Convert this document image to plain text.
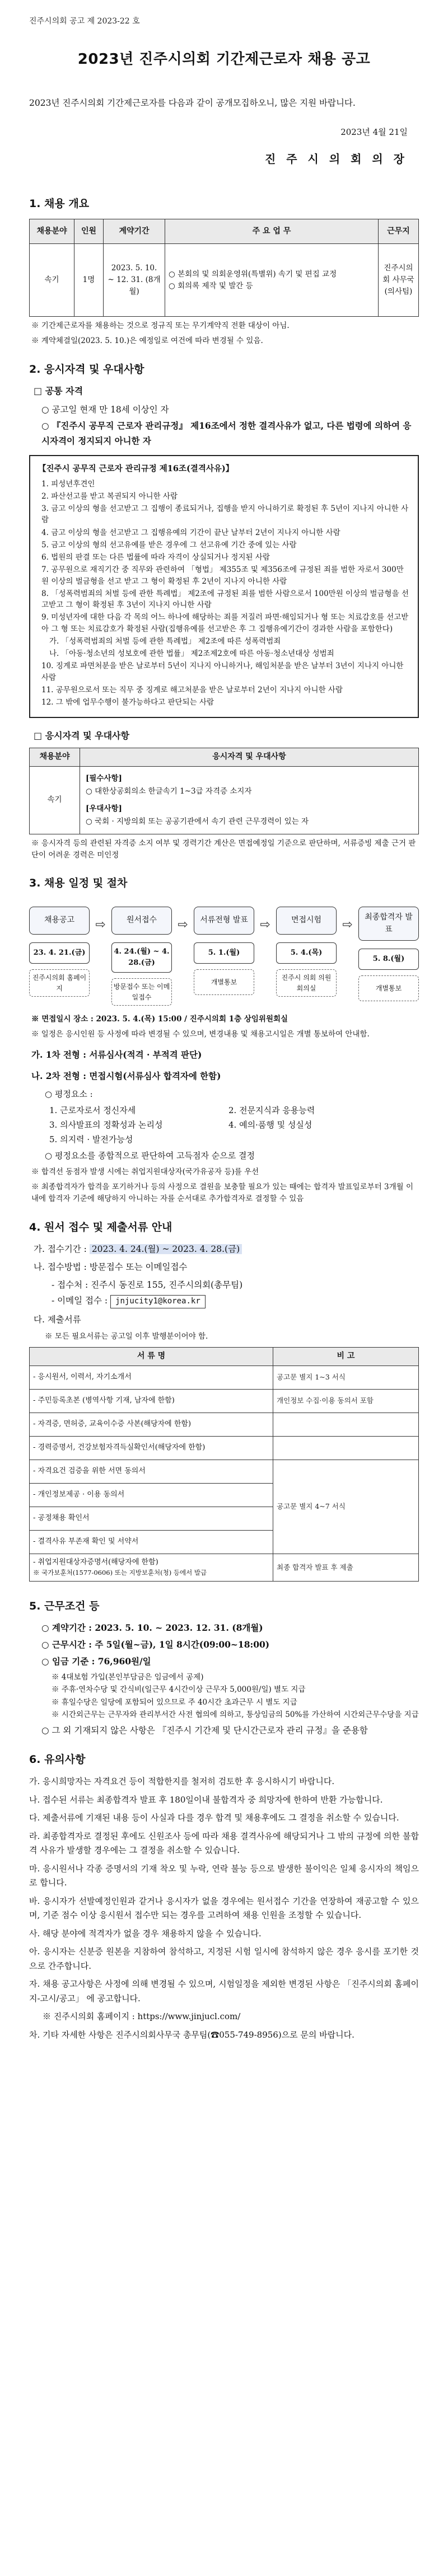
진주시의회 공고 제 2023-22 호
2023년 진주시의회 기간제근로자 채용 공고
2023년 진주시의회 기간제근로자를 다음과 같이 공개모집하오니, 많은 지원 바랍니다.
2023년 4월 21일
진 주 시 의 회 의 장
1. 채용 개요
채용분야	인원	계약기간	주 요 업 무	근무지
속기	1명	2023. 5. 10. ~ 12. 31. (8개월)	○ 본회의 및 의회운영위(특별위) 속기 및 편집 교정
○ 회의록 제작 및 발간 등	진주시의회 사무국 (의사팀)
※ 기간제근로자를 채용하는 것으로 정규직 또는 무기계약직 전환 대상이 아님.
※ 계약체결일(2023. 5. 10.)은 예정일로 여건에 따라 변경될 수 있음.
2. 응시자격 및 우대사항
□ 공통 자격
○ 공고일 현재 만 18세 이상인 자
○ 『진주시 공무직 근로자 관리규정』 제16조에서 정한 결격사유가 없고, 다른 법령에 의하여 응시자격이 정지되지 아니한 자
【진주시 공무직 근로자 관리규정 제16조(결격사유)】
1. 피성년후견인
2. 파산선고를 받고 복권되지 아니한 사람
3. 금고 이상의 형을 선고받고 그 집행이 종료되거나, 집행을 받지 아니하기로 확정된 후 5년이 지나지 아니한 사람
4. 금고 이상의 형을 선고받고 그 집행유예의 기간이 끝난 날부터 2년이 지나지 아니한 사람
5. 금고 이상의 형의 선고유예를 받은 경우에 그 선고유예 기간 중에 있는 사람
6. 법원의 판결 또는 다른 법률에 따라 자격이 상실되거나 정지된 사람
7. 공무원으로 재직기간 중 직무와 관련하여 「형법」 제355조 및 제356조에 규정된 죄를 범한 자로서 300만원 이상의 벌금형을 선고 받고 그 형이 확정된 후 2년이 지나지 아니한 사람
8. 「성폭력범죄의 처벌 등에 관한 특례법」 제2조에 규정된 죄를 범한 사람으로서 100만원 이상의 벌금형을 선고받고 그 형이 확정된 후 3년이 지나지 아니한 사람
9. 미성년자에 대한 다음 각 목의 어느 하나에 해당하는 죄를 저질러 파면·해임되거나 형 또는 치료감호를 선고받아 그 형 또는 치료감호가 확정된 사람(집행유예를 선고받은 후 그 집행유예기간이 경과한 사람을 포함한다)
가. 「성폭력범죄의 처벌 등에 관한 특례법」 제2조에 따른 성폭력범죄
나. 「아동·청소년의 성보호에 관한 법률」 제2조제2호에 따른 아동·청소년대상 성범죄
10. 징계로 파면처분을 받은 날로부터 5년이 지나지 아니하거나, 해임처분을 받은 날부터 3년이 지나지 아니한 사람
11. 공무원으로서 또는 직무 중 징계로 해고처분을 받은 날로부터 2년이 지나지 아니한 사람
12. 그 밖에 업무수행이 불가능하다고 판단되는 사람
□ 응시자격 및 우대사항
채용분야	응시자격 및 우대사항
속기	[필수사항]
○ 대한상공회의소 한글속기 1~3급 자격증 소지자
[우대사항]
○ 국회 · 지방의회 또는 공공기관에서 속기 관련 근무경력이 있는 자
※ 응시자격 등의 관련된 자격증 소지 여부 및 경력기간 계산은 면접예정일 기준으로 판단하며, 서류증빙 제출 근거 판단이 어려운 경력은 미인정
3. 채용 일정 및 절차
채용공고
23. 4. 21.(금)
진주시의회 홈페이지
⇨	원서접수
4. 24.(월) ~ 4. 28.(금)
방문접수 또는 이메일접수
⇨	서류전형 발표
5. 1.(월)
개별통보
⇨	면접시험
5. 4.(목)
진주시 의회 의원 회의실
⇨
최종합격자 발표
5. 8.(월)
개별통보
※ 면접일시 장소 : 2023. 5. 4.(목) 15:00 / 진주시의회 1층 상임위원회실
※ 일정은 응시인원 등 사정에 따라 변경될 수 있으며, 변경내용 및 채용고시일은 개별 통보하여 안내함.
가. 1차 전형 : 서류심사(적격 · 부적격 판단)
나. 2차 전형 : 면접시험(서류심사 합격자에 한함)
○ 평정요소 :
1. 근로자로서 정신자세	2. 전문지식과 응용능력
3. 의사발표의 정확성과 논리성	4. 예의·품행 및 성실성
5. 의지력 · 발전가능성
○ 평정요소를 종합적으로 판단하여 고득점자 순으로 결정
※ 합격선 동점자 발생 시에는 취업지원대상자(국가유공자 등)를 우선
※ 최종합격자가 합격을 포기하거나 등의 사정으로 결원을 보충할 필요가 있는 때에는 합격자 발표일로부터 3개월 이내에 합격자 기준에 해당하지 아니하는 자를 순서대로 추가합격자로 결정할 수 있음
4. 원서 접수 및 제출서류 안내
가. 접수기간 : 2023. 4. 24.(월) ~ 2023. 4. 28.(금)
나. 접수방법 : 방문접수 또는 이메일접수
- 접수처 : 진주시 동진로 155, 진주시의회(총무팀)
- 이메일 접수 : jnjucity1@korea.kr
다. 제출서류
※ 모든 필요서류는 공고일 이후 발행분이어야 함.
서 류 명	비 고
- 응시원서, 이력서, 자기소개서	공고문 별지 1~3 서식
- 주민등록초본 (병역사항 기재, 남자에 한함)	개인정보 수집·이용 동의서 포함
- 자격증, 면허증, 교육이수증 사본(해당자에 한함)	
- 경력증명서, 건강보험자격득실확인서(해당자에 한함)	
- 자격요건 검증을 위한 서면 동의서	공고문 별지 4~7 서식
- 개인정보제공 · 이용 동의서	
- 공정채용 확인서	
- 결격사유 부존재 확인 및 서약서	

- 취업지원대상자증명서(해당자에 한함)
※ 국가보훈처(1577-0606) 또는 지방보훈처(청) 등에서 발급	최종 합격자 발표 후 제출
5. 근무조건 등
○ 계약기간 : 2023. 5. 10. ~ 2023. 12. 31. (8개월)
○ 근무시간 : 주 5일(월~금), 1일 8시간(09:00~18:00)
○ 임금 기준 : 76,960원/일
※ 4대보험 가입(본인부담금은 임금에서 공제)
※ 주휴·연차수당 및 간식비(일근무 4시간이상 근무자 5,000원/일) 별도 지급
※ 휴일수당은 일당에 포함되어 있으므로 주 40시간 초과근무 시 별도 지급
※ 시간외근무는 근무자와 관리부서간 사전 협의에 의하고, 통상임금의 50%를 가산하여 시간외근무수당을 지급
○ 그 외 기재되지 않은 사항은 『진주시 기간제 및 단시간근로자 관리 규정』을 준용함
6. 유의사항
가. 응시희망자는 자격요건 등이 적합한지를 철저히 검토한 후 응시하시기 바랍니다.
나. 접수된 서류는 최종합격자 발표 후 180일이내 불합격자 중 희망자에 한하여 반환 가능합니다.
다. 제출서류에 기재된 내용 등이 사실과 다를 경우 합격 및 채용후에도 그 결정을 취소할 수 있습니다.
라. 최종합격자로 결정된 후에도 신원조사 등에 따라 채용 결격사유에 해당되거나 그 밖의 규정에 의한 불합격 사유가 발생할 경우에는 그 결정을 취소할 수 있습니다.
마. 응시원서나 각종 증명서의 기재 착오 및 누락, 연락 불능 등으로 발생한 불이익은 일체 응시자의 책임으로 합니다.
바. 응시자가 선발예정인원과 같거나 응시자가 없을 경우에는 원서접수 기간을 연장하여 재공고할 수 있으며, 기준 점수 이상 응시원서 접수만 되는 경우를 고려하여 채용 인원을 조정할 수 있습니다.
사. 해당 분야에 적격자가 없을 경우 채용하지 않을 수 있습니다.
아. 응시자는 신분증 원본을 지참하여 참석하고, 지정된 시험 일시에 참석하지 않은 경우 응시를 포기한 것으로 간주합니다.
자. 채용 공고사항은 사정에 의해 변경될 수 있으며, 시험일정을 제외한 변경된 사항은 「진주시의회 홈페이지-고시/공고」 에 공고합니다.
※ 진주시의회 홈페이지 : https://www.jinjucl.com/
차. 기타 자세한 사항은 진주시의회사무국 총무팀(☎055-749-8956)으로 문의 바랍니다.
